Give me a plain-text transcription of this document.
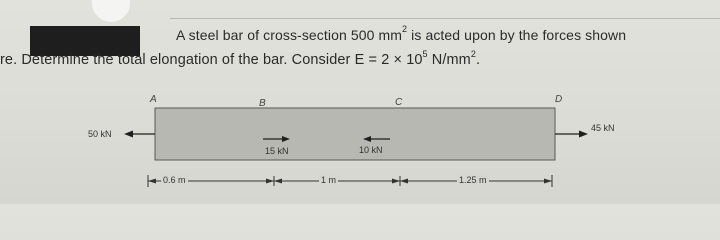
A steel bar of cross-section 500 $mm^2$ is acted upon by the forces shown
re. Determine the total elongation of the bar. Consider $E = 2 \times 10^5$ $N/mm^2$.
A	B	C	D
50 kN
15 kN	10 kN
45 kN
0.6 m	1 m	1.25 m
